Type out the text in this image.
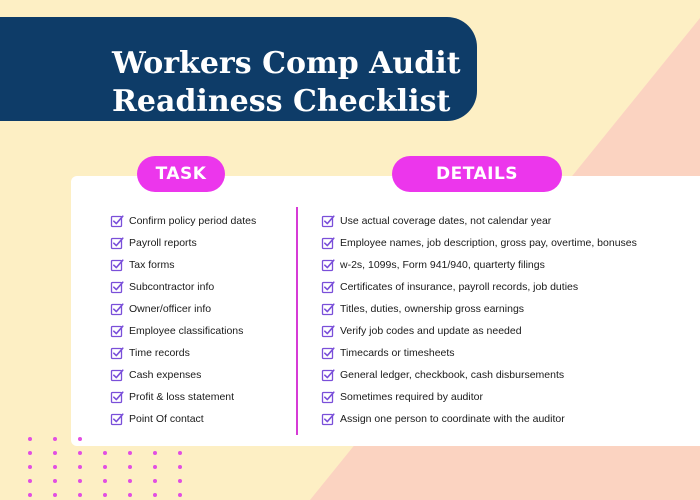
Workers Comp Audit
Readiness Checklist
TASK	DETAILS
Confirm policy period dates
Payroll reports
Tax forms
Subcontractor info
Owner/officer info
Employee classifications
Time records
Cash expenses
Profit & loss statement
Point Of contact
Use actual coverage dates, not calendar year
Employee names, job description, gross pay, overtime, bonuses
w-2s, 1099s, Form 941/940, quarterty filings
Certificates of insurance, payroll records, job duties
Titles, duties, ownership gross earnings
Verify job codes and update as needed
Timecards or timesheets
General ledger, checkbook, cash disbursements
Sometimes required by auditor
Assign one person to coordinate with the auditor
